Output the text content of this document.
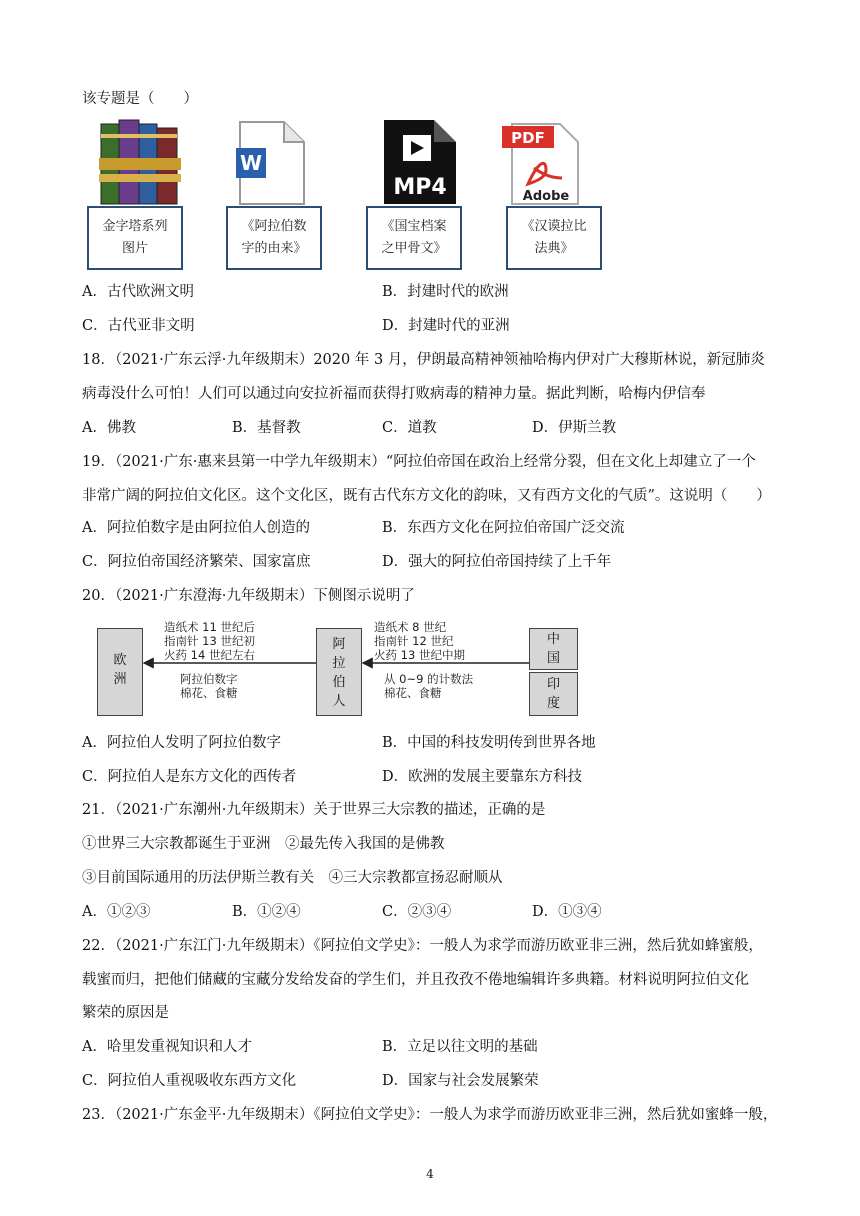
该专题是（　　）
金字塔系列
图片
W
《阿拉伯数
字的由来》
MP4
《国宝档案
之甲骨文》
PDF
Adobe
《汉谟拉比
法典》
A．古代欧洲文明	B．封建时代的欧洲
C．古代亚非文明	D．封建时代的亚洲
18．（2021·广东云浮·九年级期末）2020 年 3 月，伊朗最高精神领袖哈梅内伊对广大穆斯林说，新冠肺炎
病毒没什么可怕！人们可以通过向安拉祈福而获得打败病毒的精神力量。据此判断，哈梅内伊信奉
A．佛教	B．基督教	C．道教	D．伊斯兰教
19．（2021·广东·惠来县第一中学九年级期末）“阿拉伯帝国在政治上经常分裂，但在文化上却建立了一个
非常广阔的阿拉伯文化区。这个文化区，既有古代东方文化的韵味，又有西方文化的气质”。这说明（　　）
A．阿拉伯数字是由阿拉伯人创造的	B．东西方文化在阿拉伯帝国广泛交流
C．阿拉伯帝国经济繁荣、国家富庶	D．强大的阿拉伯帝国持续了上千年
20．（2021·广东澄海·九年级期末）下侧图示说明了
欧
洲
阿
拉
伯
人
中
国
印
度
造纸术 11 世纪后
指南针 13 世纪初
火药 14 世纪左右
阿拉伯数字
棉花、食糖
造纸术 8 世纪
指南针 12 世纪
火药 13 世纪中期
从 0~9 的计数法
棉花、食糖
A．阿拉伯人发明了阿拉伯数字	B．中国的科技发明传到世界各地
C．阿拉伯人是东方文化的西传者	D．欧洲的发展主要靠东方科技
21．（2021·广东潮州·九年级期末）关于世界三大宗教的描述，正确的是
①世界三大宗教都诞生于亚洲　②最先传入我国的是佛教
③目前国际通用的历法伊斯兰教有关　④三大宗教都宣扬忍耐顺从
A．①②③	B．①②④	C．②③④	D．①③④
22．（2021·广东江门·九年级期末）《阿拉伯文学史》：一般人为求学而游历欧亚非三洲，然后犹如蜂蜜般，
载蜜而归，把他们储藏的宝藏分发给发奋的学生们，并且孜孜不倦地编辑许多典籍。材料说明阿拉伯文化
繁荣的原因是
A．哈里发重视知识和人才	B．立足以往文明的基础
C．阿拉伯人重视吸收东西方文化	D．国家与社会发展繁荣
23．（2021·广东金平·九年级期末）《阿拉伯文学史》：一般人为求学而游历欧亚非三洲，然后犹如蜜蜂一般，
4
